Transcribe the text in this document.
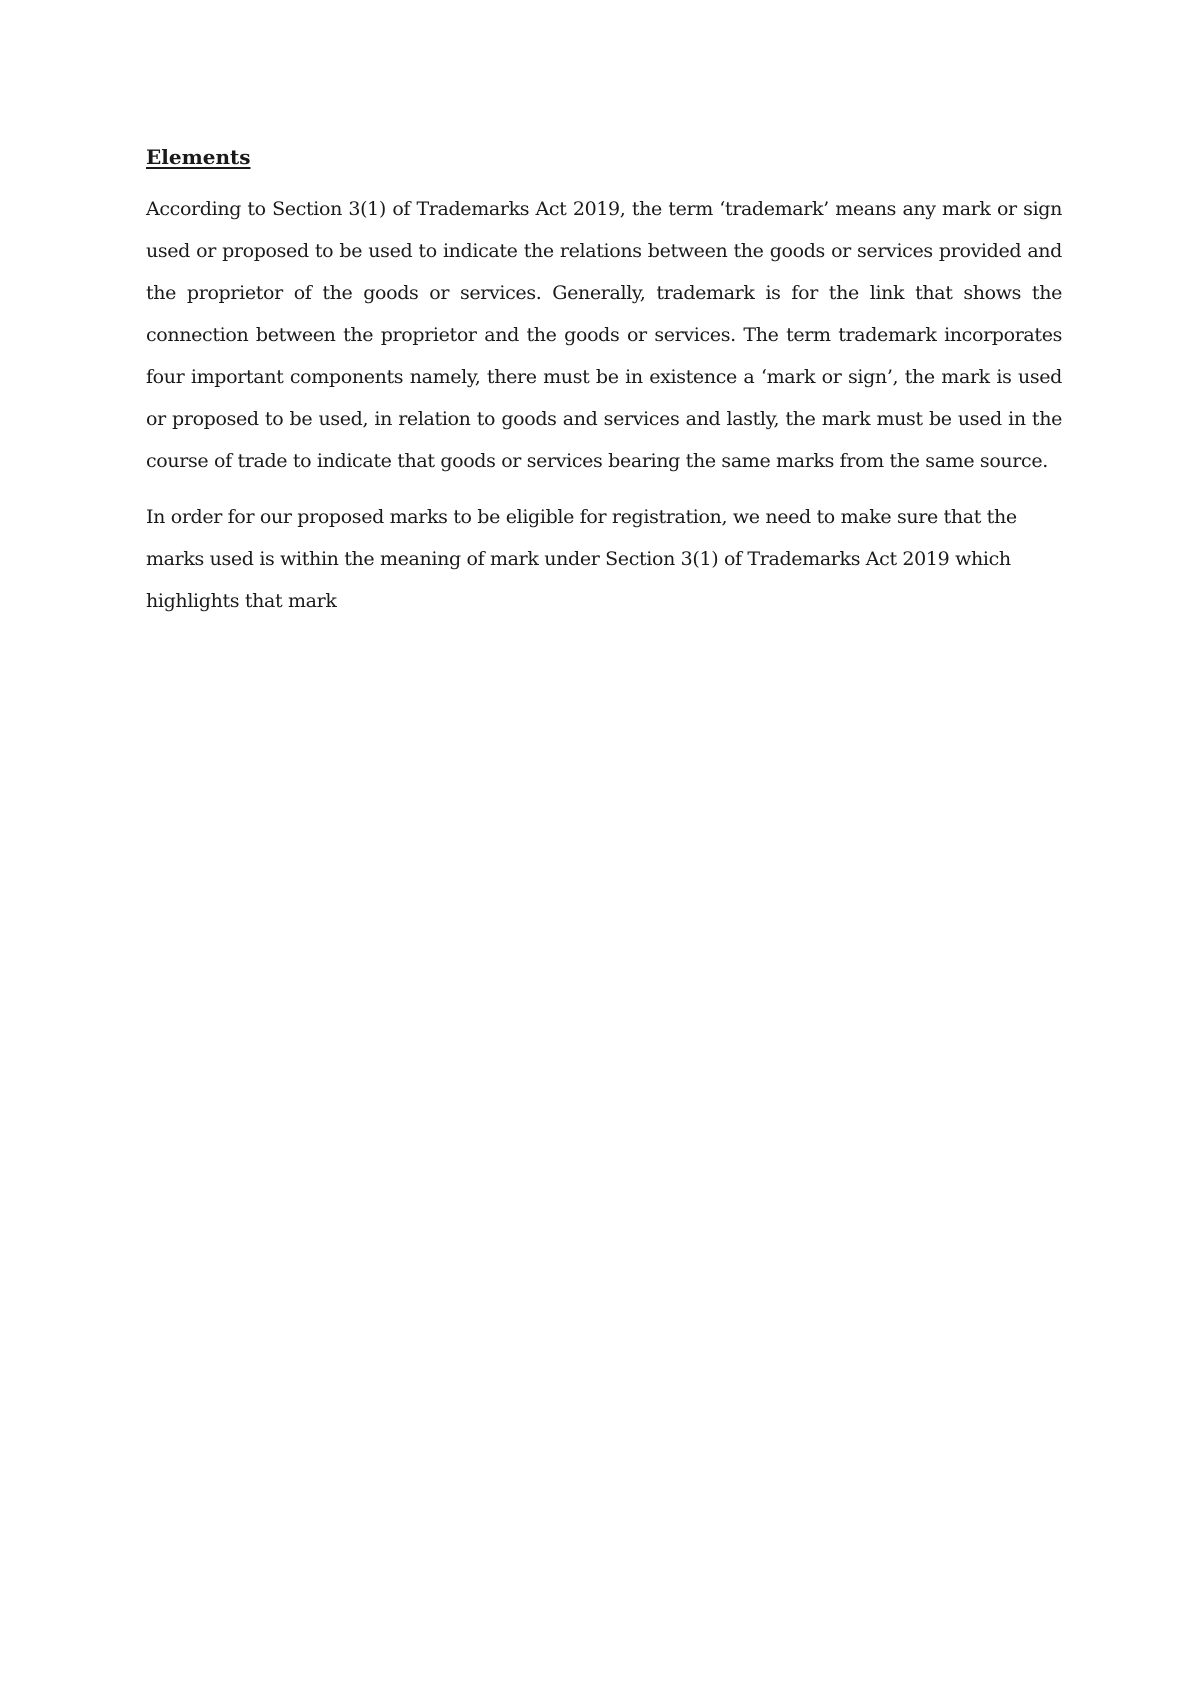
Elements

According to Section 3(1) of Trademarks Act 2019, the term ‘trademark’ means any mark or sign used or proposed to be used to indicate the relations between the goods or services provided and the proprietor of the goods or services. Generally, trademark is for the link that shows the connection between the proprietor and the goods or services. The term trademark incorporates four important components namely, there must be in existence a ‘mark or sign’, the mark is used or proposed to be used, in relation to goods and services and lastly, the mark must be used in the course of trade to indicate that goods or services bearing the same marks from the same source.

In order for our proposed marks to be eligible for registration, we need to make sure that the marks used is within the meaning of mark under Section 3(1) of Trademarks Act 2019 which highlights that mark
